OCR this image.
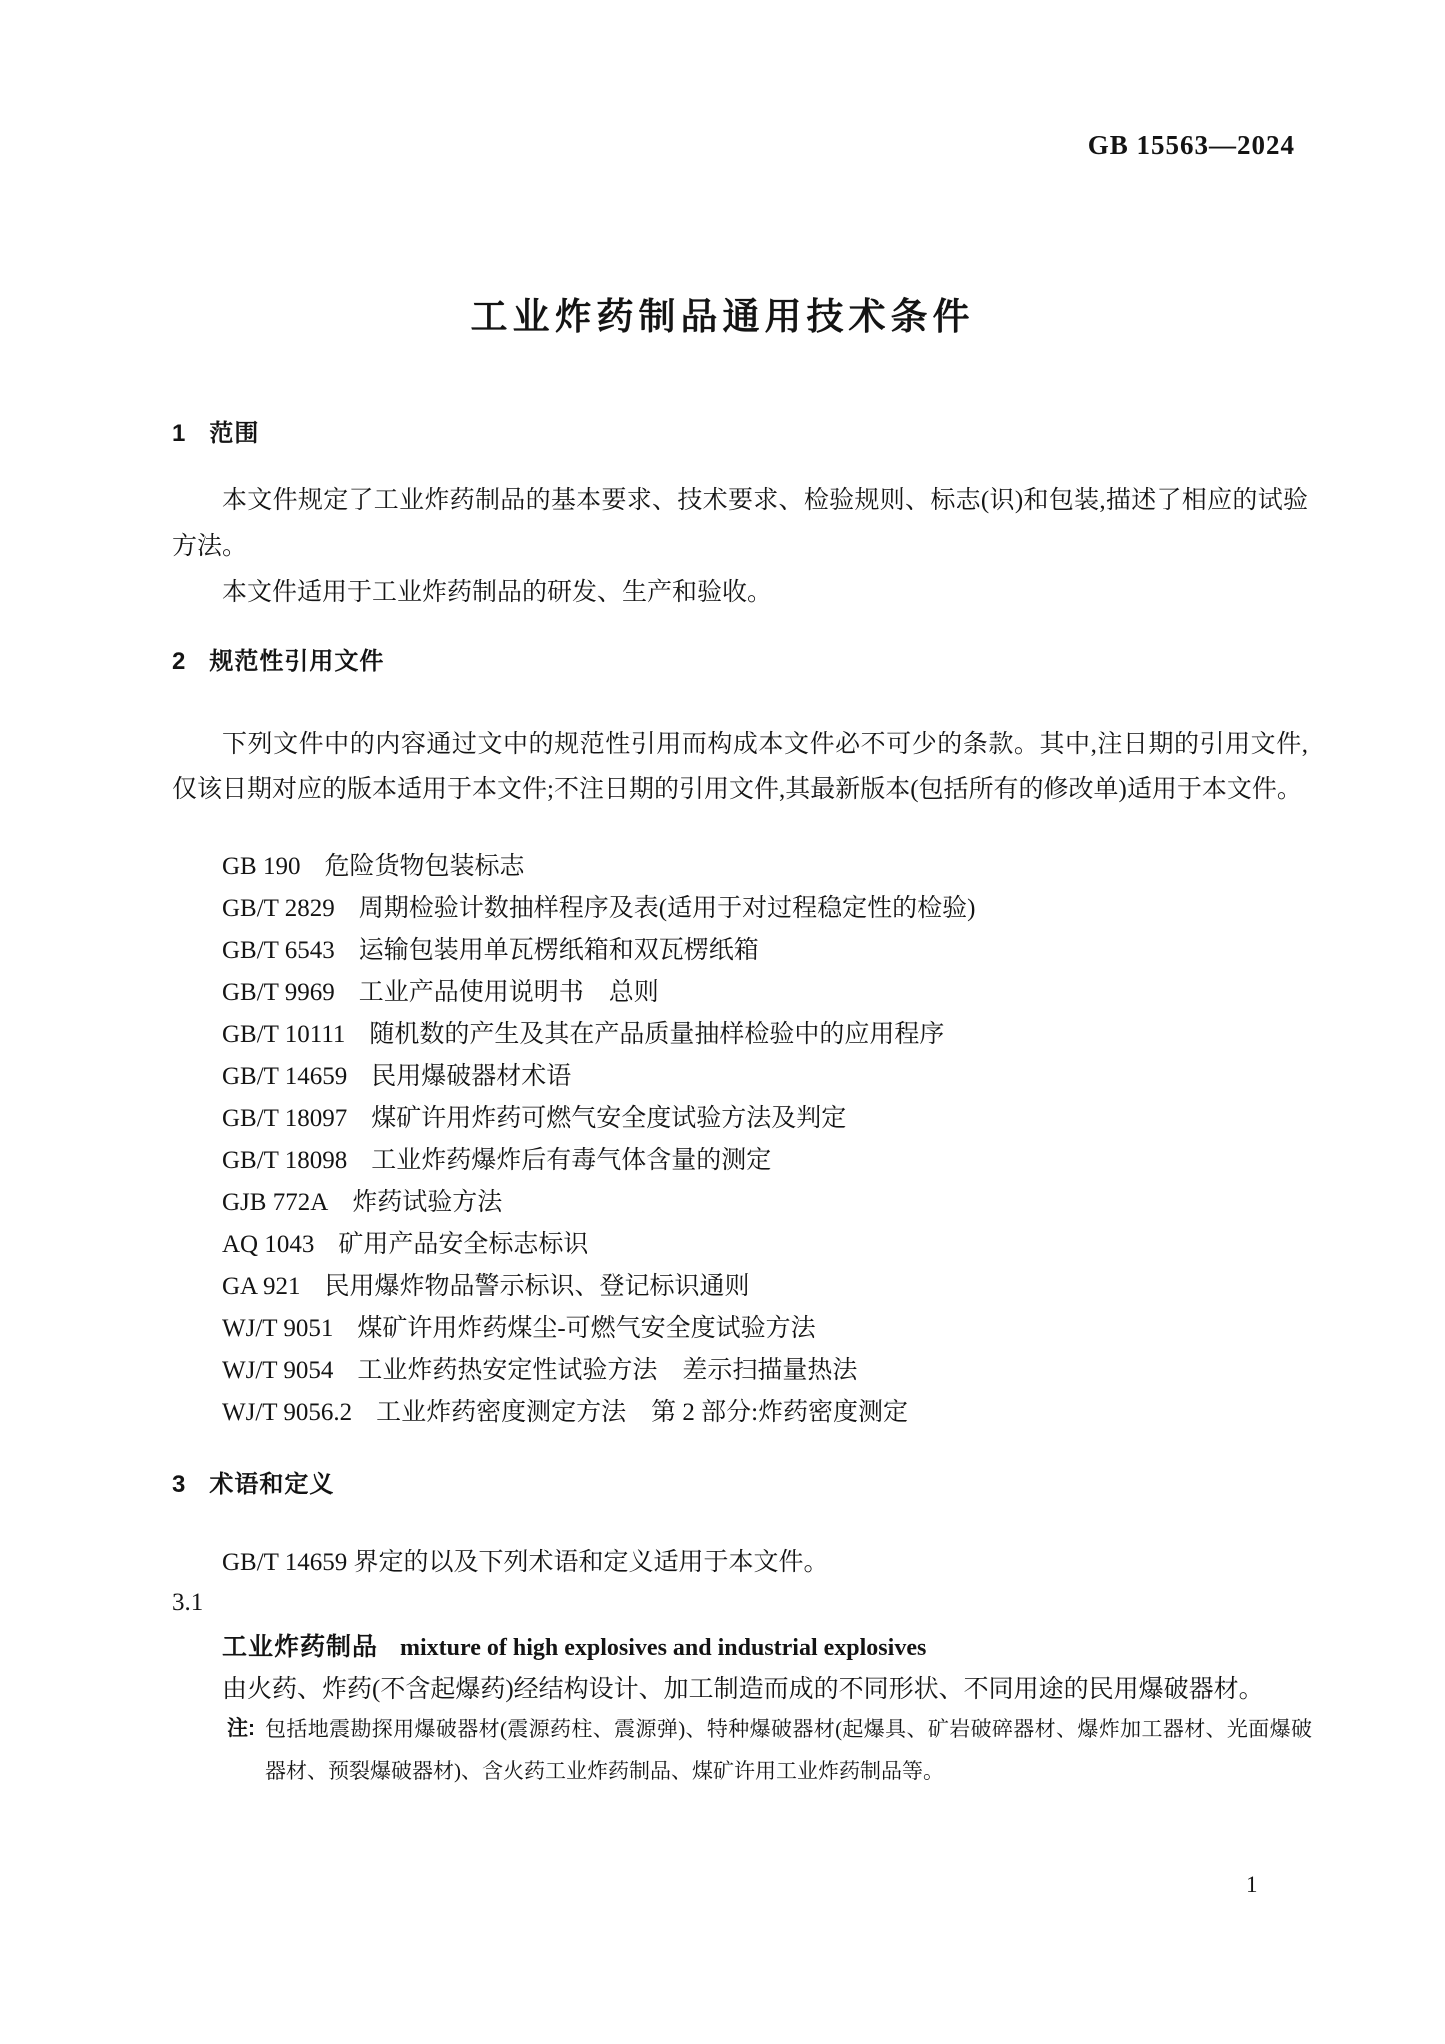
GB 15563—2024
工业炸药制品通用技术条件
1 范围

本文件规定了工业炸药制品的基本要求、技术要求、检验规则、标志(识)和包装,描述了相应的试验方法。

本文件适用于工业炸药制品的研发、生产和验收。

2 规范性引用文件

下列文件中的内容通过文中的规范性引用而构成本文件必不可少的条款。其中,注日期的引用文件,仅该日期对应的版本适用于本文件;不注日期的引用文件,其最新版本(包括所有的修改单)适用于本文件。

GB 190 危险货物包装标志
GB/T 2829 周期检验计数抽样程序及表(适用于对过程稳定性的检验)
GB/T 6543 运输包装用单瓦楞纸箱和双瓦楞纸箱
GB/T 9969 工业产品使用说明书　总则
GB/T 10111 随机数的产生及其在产品质量抽样检验中的应用程序
GB/T 14659 民用爆破器材术语
GB/T 18097 煤矿许用炸药可燃气安全度试验方法及判定
GB/T 18098 工业炸药爆炸后有毒气体含量的测定
GJB 772A 炸药试验方法
AQ 1043 矿用产品安全标志标识
GA 921 民用爆炸物品警示标识、登记标识通则
WJ/T 9051 煤矿许用炸药煤尘-可燃气安全度试验方法
WJ/T 9054 工业炸药热安定性试验方法　差示扫描量热法
WJ/T 9056.2 工业炸药密度测定方法　第 2 部分:炸药密度测定
3 术语和定义

GB/T 14659 界定的以及下列术语和定义适用于本文件。

3.1
工业炸药制品 mixture of high explosives and industrial explosives
由火药、炸药(不含起爆药)经结构设计、加工制造而成的不同形状、不同用途的民用爆破器材。
注: 包括地震勘探用爆破器材(震源药柱、震源弹)、特种爆破器材(起爆具、矿岩破碎器材、爆炸加工器材、光面爆破器材、预裂爆破器材)、含火药工业炸药制品、煤矿许用工业炸药制品等。
1
